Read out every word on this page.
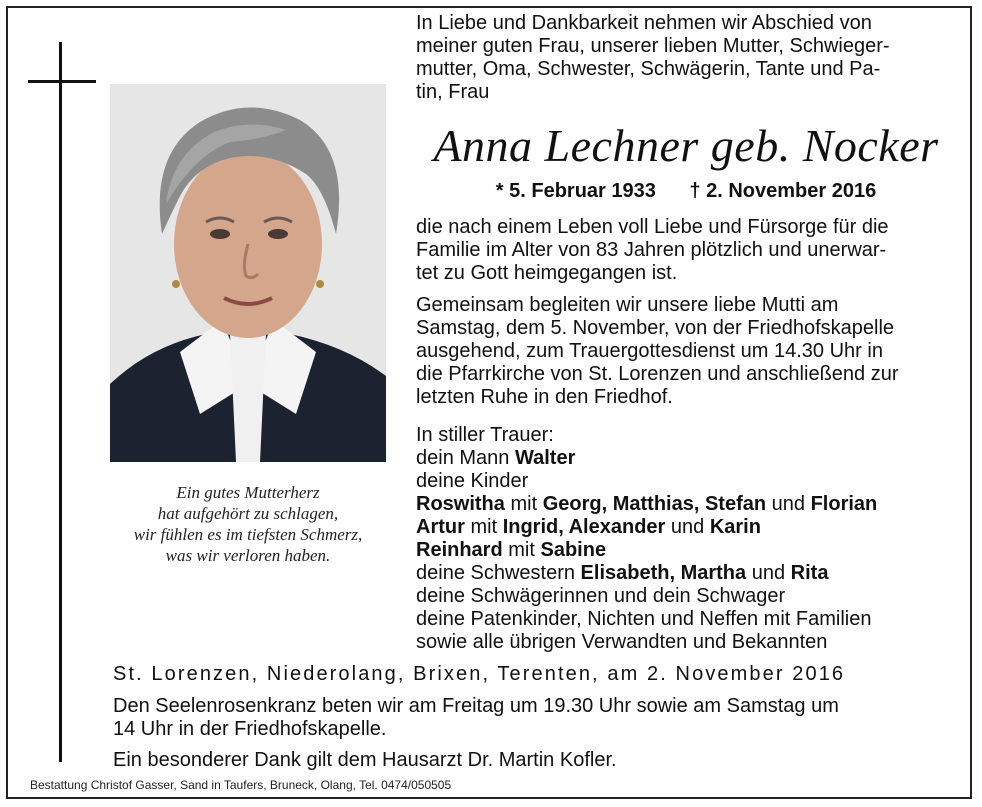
Ein gutes Mutterherz
hat aufgehört zu schlagen,
wir fühlen es im tiefsten Schmerz,
was wir verloren haben.
In Liebe und Dankbarkeit nehmen wir Abschied von
meiner guten Frau, unserer lieben Mutter, Schwieger-
mutter, Oma, Schwester, Schwägerin, Tante und Pa-
tin, Frau
Anna Lechner geb. Nocker
* 5. Februar 1933 † 2. November 2016
die nach einem Leben voll Liebe und Fürsorge für die
Familie im Alter von 83 Jahren plötzlich und unerwar-
tet zu Gott heimgegangen ist.
Gemeinsam begleiten wir unsere liebe Mutti am
Samstag, dem 5. November, von der Friedhofskapelle
ausgehend, zum Trauergottesdienst um 14.30 Uhr in
die Pfarrkirche von St. Lorenzen und anschließend zur
letzten Ruhe in den Friedhof.
In stiller Trauer:
dein Mann Walter
deine Kinder
Roswitha mit Georg, Matthias, Stefan und Florian
Artur mit Ingrid, Alexander und Karin
Reinhard mit Sabine
deine Schwestern Elisabeth, Martha und Rita
deine Schwägerinnen und dein Schwager
deine Patenkinder, Nichten und Neffen mit Familien
sowie alle übrigen Verwandten und Bekannten
St. Lorenzen, Niederolang, Brixen, Terenten, am 2. November 2016
Den Seelenrosenkranz beten wir am Freitag um 19.30 Uhr sowie am Samstag um
14 Uhr in der Friedhofskapelle.
Ein besonderer Dank gilt dem Hausarzt Dr. Martin Kofler.
Bestattung Christof Gasser, Sand in Taufers, Bruneck, Olang, Tel. 0474/050505
